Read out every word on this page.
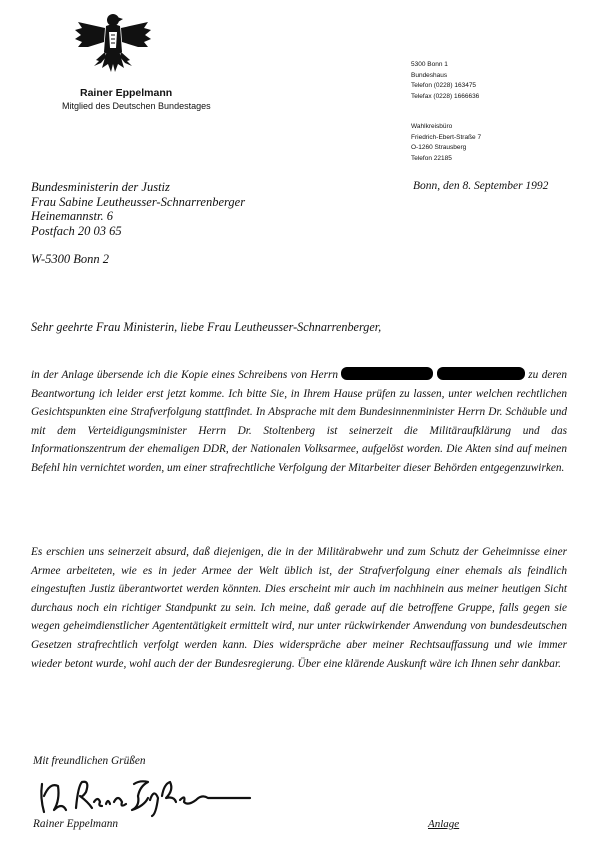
Rainer Eppelmann
Mitglied des Deutschen Bundestages
5300 Bonn 1
Bundeshaus
Telefon (0228) 163475
Telefax (0228) 1666636
Wahlkreisbüro
Friedrich-Ebert-Straße 7
O-1260 Strausberg
Telefon 22185
Bonn, den 8. September 1992
Bundesministerin der Justiz
Frau Sabine Leutheusser-Schnarrenberger
Heinemannstr. 6
Postfach 20 03 65
W-5300 Bonn 2
Sehr geehrte Frau Ministerin, liebe Frau Leutheusser-Schnarrenberger,
in der Anlage übersende ich die Kopie eines Schreibens von Herrn	zu deren Beantwortung ich leider erst jetzt komme. Ich bitte Sie, in Ihrem Hause prüfen zu lassen, unter welchen rechtlichen Gesichtspunkten eine Strafverfolgung stattfindet. In Absprache mit dem Bundesinnenminister Herrn Dr. Schäuble und mit dem Verteidigungsminister Herrn Dr. Stoltenberg ist seinerzeit die Militäraufklärung und das Informationszentrum der ehemaligen DDR, der Nationalen Volksarmee, aufgelöst worden. Die Akten sind auf meinen Befehl hin vernichtet worden, um einer strafrechtliche Verfolgung der Mitarbeiter dieser Behörden entgegenzuwirken.
Es erschien uns seinerzeit absurd, daß diejenigen, die in der Militärabwehr und zum Schutz der Geheimnisse einer Armee arbeiteten, wie es in jeder Armee der Welt üblich ist, der Strafverfolgung einer ehemals als feindlich eingestuften Justiz überantwortet werden könnten. Dies erscheint mir auch im nachhinein aus meiner heutigen Sicht durchaus noch ein richtiger Standpunkt zu sein. Ich meine, daß gerade auf die betroffene Gruppe, falls gegen sie wegen geheimdienstlicher Agententätigkeit ermittelt wird, nur unter rückwirkender Anwendung von bundesdeutschen Gesetzen strafrechtlich verfolgt werden kann. Dies widerspräche aber meiner Rechtsauffassung und wie immer wieder betont wurde, wohl auch der der Bundesregierung. Über eine klärende Auskunft wäre ich Ihnen sehr dankbar.
Mit freundlichen Grüßen
Rainer Eppelmann	Anlage
